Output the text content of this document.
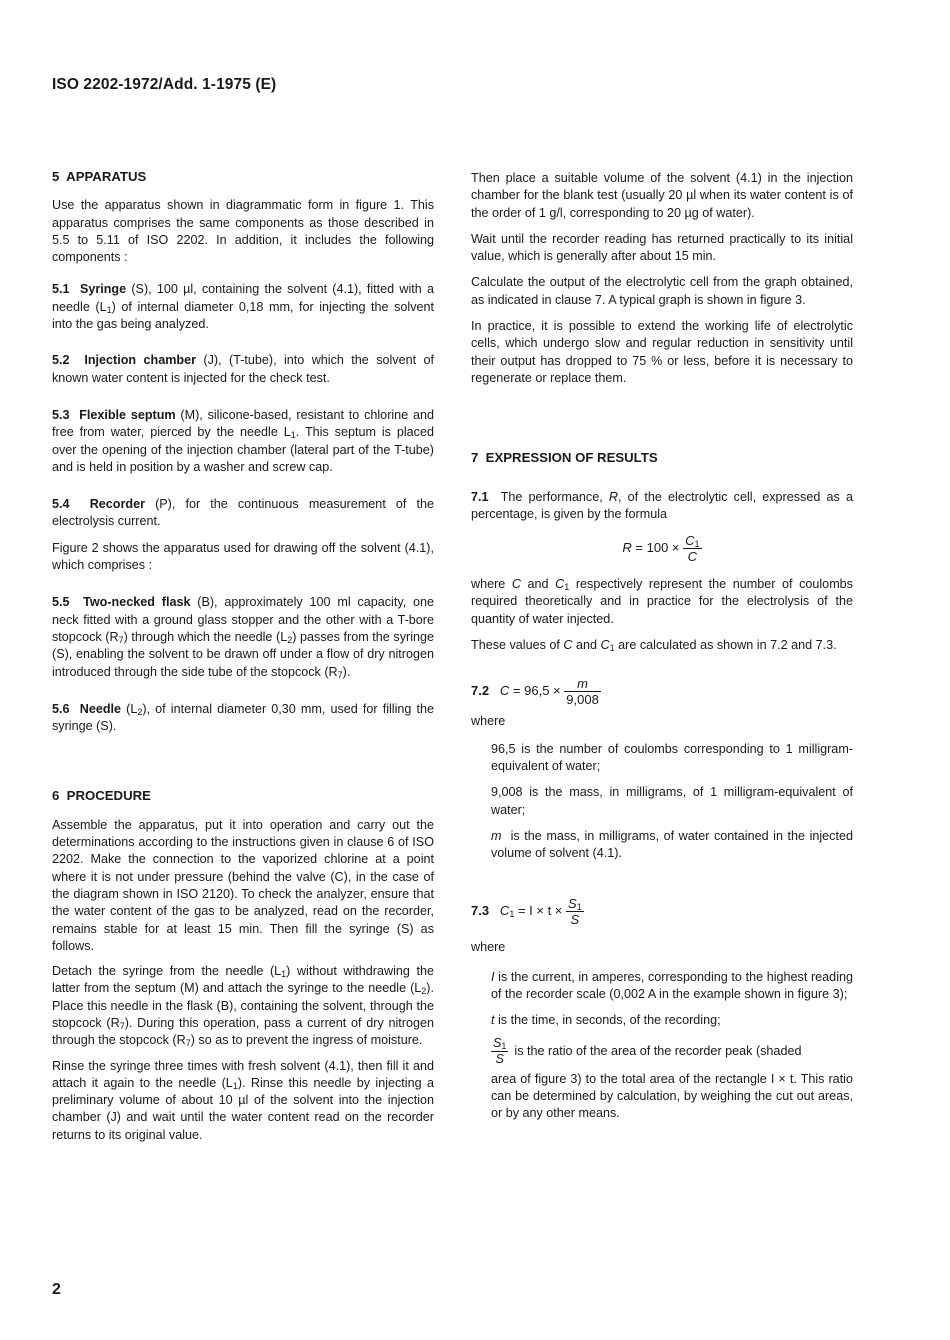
ISO 2202-1972/Add. 1-1975 (E)
5  APPARATUS

Use the apparatus shown in diagrammatic form in figure 1. This apparatus comprises the same components as those described in 5.5 to 5.11 of ISO 2202. In addition, it includes the following components :

5.1 Syringe (S), 100 µl, containing the solvent (4.1), fitted with a needle $(L_1)$ of internal diameter 0,18 mm, for injecting the solvent into the gas being analyzed.

5.2 Injection chamber (J), (T-tube), into which the solvent of known water content is injected for the check test.

5.3 Flexible septum (M), silicone-based, resistant to chlorine and free from water, pierced by the needle $L_1$. This septum is placed over the opening of the injection chamber (lateral part of the T-tube) and is held in position by a washer and screw cap.

5.4 Recorder (P), for the continuous measurement of the electrolysis current.

Figure 2 shows the apparatus used for drawing off the solvent (4.1), which comprises :

5.5 Two-necked flask (B), approximately 100 ml capacity, one neck fitted with a ground glass stopper and the other with a T-bore stopcock $(R_7)$ through which the needle $(L_2)$ passes from the syringe (S), enabling the solvent to be drawn off under a flow of dry nitrogen introduced through the side tube of the stopcock $(R_7)$.

5.6 Needle $(L_2)$, of internal diameter 0,30 mm, used for filling the syringe (S).

6  PROCEDURE

Assemble the apparatus, put it into operation and carry out the determinations according to the instructions given in clause 6 of ISO 2202. Make the connection to the vaporized chlorine at a point where it is not under pressure (behind the valve (C), in the case of the diagram shown in ISO 2120). To check the analyzer, ensure that the water content of the gas to be analyzed, read on the recorder, remains stable for at least 15 min. Then fill the syringe (S) as follows.

Detach the syringe from the needle $(L_1)$ without withdrawing the latter from the septum (M) and attach the syringe to the needle $(L_2)$. Place this needle in the flask (B), containing the solvent, through the stopcock $(R_7)$. During this operation, pass a current of dry nitrogen through the stopcock $(R_7)$ so as to prevent the ingress of moisture.

Rinse the syringe three times with fresh solvent (4.1), then fill it and attach it again to the needle $(L_1)$. Rinse this needle by injecting a preliminary volume of about 10 µl of the solvent into the injection chamber (J) and wait until the water content read on the recorder returns to its original value.

Then place a suitable volume of the solvent (4.1) in the injection chamber for the blank test (usually 20 µl when its water content is of the order of 1 g/l, corresponding to 20 µg of water).

Wait until the recorder reading has returned practically to its initial value, which is generally after about 15 min.

Calculate the output of the electrolytic cell from the graph obtained, as indicated in clause 7. A typical graph is shown in figure 3.

In practice, it is possible to extend the working life of electrolytic cells, which undergo slow and regular reduction in sensitivity until their output has dropped to 75 % or less, before it is necessary to regenerate or replace them.

7  EXPRESSION OF RESULTS

7.1 The performance, R, of the electrolytic cell, expressed as a percentage, is given by the formula

$R = 100 \times \frac{C_1}{C}$

where C and $C_1$ respectively represent the number of coulombs required theoretically and in practice for the electrolysis of the quantity of water injected.

These values of C and $C_1$ are calculated as shown in 7.2 and 7.3.

7.2 $C = 96,5 \times \frac{m}{9,008}$

where

96,5 is the number of coulombs corresponding to 1 milligram-equivalent of water;

9,008 is the mass, in milligrams, of 1 milligram-equivalent of water;

m  is the mass, in milligrams, of water contained in the injected volume of solvent (4.1).

7.3 $C_1 = I \times t \times \frac{S_1}{S}$

where

I is the current, in amperes, corresponding to the highest reading of the recorder scale (0,002 A in the example shown in figure 3);

t is the time, in seconds, of the recording;

$\frac{S_1}{S}$ is the ratio of the area of the recorder peak (shaded

area of figure 3) to the total area of the rectangle I × t. This ratio can be determined by calculation, by weighing the cut out areas, or by any other means.

2
